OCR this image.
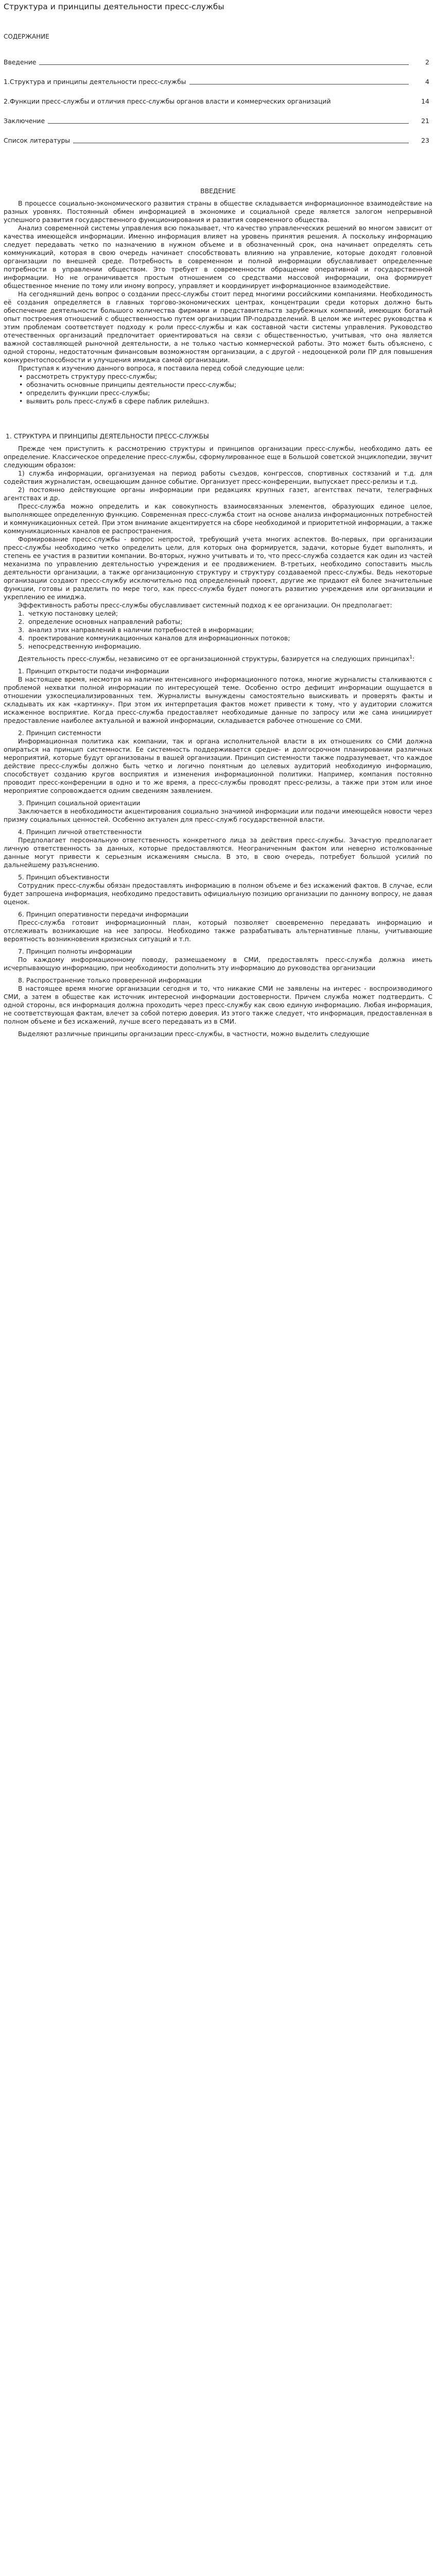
Структура и принципы деятельности пресс-службы
СОДЕРЖАНИЕ
Введение	2
1.Структура и принципы деятельности пресс-службы	4
2.Функции пресс-службы и отличия пресс-службы органов власти и коммерческих организаций	14
Заключение	21
Список литературы	23
ВВЕДЕНИЕ

В процессе социально-экономического развития страны в обществе складывается информационное взаимодействие на разных уровнях. Постоянный обмен информацией в экономике и социальной среде является залогом непрерывной успешного развития государственного функционирования и развития современного общества.

Анализ современной системы управления всю показывает, что качество управленческих решений во многом зависит от качества имеющейся информации. Именно информация влияет на уровень принятия решения. А поскольку информацию следует передавать четко по назначению в нужном объеме и в обозначенный срок, она начинает определять сеть коммуникаций, которая в свою очередь начинает способствовать влиянию на управление, которые доходят головной организации по внешней среде. Потребность в современном и полной информации обуславливает определенные потребности в управлении обществом. Это требует в современности обращение оперативной и государственной информации. Но не ограничивается простым отношением со средствами массовой информации, она формирует общественное мнение по тому или иному вопросу, управляет и координирует информационное взаимодействие.

На сегодняшний день вопрос о создании пресс-службы стоит перед многими российскими компаниями. Необходимость её создания определяется в главных торгово-экономических центрах, концентрации среди которых должно быть обеспечение деятельности большого количества фирмами и представительств зарубежных компаний, имеющих богатый опыт построения отношений с общественностью путем организации ПР-подразделений. В целом же интерес руководства к этим проблемам соответствует подходу к роли пресс-службы и как составной части системы управления. Руководство отечественных организаций предпочитает ориентироваться на связи с общественностью, учитывая, что она является важной составляющей рыночной деятельности, а не только частью коммерческой работы. Это может быть объяснено, с одной стороны, недостаточным финансовым возможностям организации, а с другой - недооценкой роли ПР для повышения конкурентоспособности и улучшения имиджа самой организации.

Приступая к изучению данного вопроса, я поставила перед собой следующие цели:

• рассмотреть структуру пресс-службы;
• обозначить основные принципы деятельности пресс-службы;
• определить функции пресс-службы;
• выявить роль пресс-служб в сфере паблик рилейшнз.
1. СТРУКТУРА И ПРИНЦИПЫ ДЕЯТЕЛЬНОСТИ ПРЕСС-СЛУЖБЫ

Прежде чем приступить к рассмотрению структуры и принципов организации пресс-службы, необходимо дать ее определение. Классическое определение пресс-службы, сформулированное еще в Большой советской энциклопедии, звучит следующим образом:

1) служба информации, организуемая на период работы съездов, конгрессов, спортивных состязаний и т.д. для содействия журналистам, освещающим данное событие. Организует пресс-конференции, выпускает пресс-релизы и т.д.

2) постоянно действующие органы информации при редакциях крупных газет, агентствах печати, телеграфных агентствах и др.

Пресс-служба можно определить и как совокупность взаимосвязанных элементов, образующих единое целое, выполняющее определенную функцию. Современная пресс-служба стоит на основе анализа информационных потребностей и коммуникационных сетей. При этом внимание акцентируется на сборе необходимой и приоритетной информации, а также коммуникационных каналов ее распространения.

Формирование пресс-службы - вопрос непростой, требующий учета многих аспектов. Во-первых, при организации пресс-службы необходимо четко определить цели, для которых она формируется, задачи, которые будет выполнять, и степень ее участия в развитии компании. Во-вторых, нужно учитывать и то, что пресс-служба создается как один из частей механизма по управлению деятельностью учреждения и ее продвижением. В-третьих, необходимо сопоставить мысль деятельности организации, а также организационную структуру и структуру создаваемой пресс-службы. Ведь некоторые организации создают пресс-службу исключительно под определенный проект, другие же придают ей более значительные функции, готовы и разделить по мере того, как пресс-служба будет помогать развитию учреждения или организации и укреплению ее имиджа.

Эффективность работы пресс-службы обуславливает системный подход к ее организации. Он предполагает:

1. четкую постановку целей;
2. определение основных направлений работы;
3. анализ этих направлений в наличии потребностей в информации;
4. проектирование коммуникационных каналов для информационных потоков;
5. непосредственную информацию.

Деятельность пресс-службы, независимо от ее организационной структуры, базируется на следующих принципах$^1$:

1. Принцип открытости подачи информации

В настоящее время, несмотря на наличие интенсивного информационного потока, многие журналисты сталкиваются с проблемой нехватки полной информации по интересующей теме. Особенно остро дефицит информации ощущается в отношении узкоспециализированных тем. Журналисты вынуждены самостоятельно выискивать и проверять факты и складывать их как «картинку». При этом их интерпретация фактов может привести к тому, что у аудитории сложится искаженное восприятие. Когда пресс-служба предоставляет необходимые данные по запросу или же сама инициирует предоставление наиболее актуальной и важной информации, складывается рабочее отношение со СМИ.

2. Принцип системности

Информационная политика как компании, так и органа исполнительной власти в их отношениях со СМИ должна опираться на принцип системности. Ее системность поддерживается средне- и долгосрочном планировании различных мероприятий, которые будут организованы в вашей организации. Принцип системности также подразумевает, что каждое действие пресс-службы должно быть четко и логично понятным до целевых аудиторий необходимую информацию, способствует созданию кругов восприятия и изменения информационной политики. Например, компания постоянно проводит пресс-конференции в одно и то же время, а пресс-службы проводят пресс-релизы, а также при этом или иное мероприятие сопровождается одним сведениям заявлением.

3. Принцип социальной ориентации

Заключается в необходимости акцентирования социально значимой информации или подачи имеющейся новости через призму социальных ценностей. Особенно актуален для пресс-служб государственной власти.

4. Принцип личной ответственности

Предполагает персональную ответственность конкретного лица за действия пресс-службы. Зачастую предполагает личную ответственность за данных, которые предоставляются. Неограниченным фактом или неверно истолкованные данные могут привести к серьезным искажениям смысла. В это, в свою очередь, потребует большой усилий по дальнейшему разъяснению.

5. Принцип объективности

Сотрудник пресс-службы обязан предоставлять информацию в полном объеме и без искажений фактов. В случае, если будет запрошена информация, необходимо предоставить официальную позицию организации по данному вопросу, не давая оценок.

6. Принцип оперативности передачи информации

Пресс-служба готовит информационный план, который позволяет своевременно передавать информацию и отслеживать возникающие на нее запросы. Необходимо также разрабатывать альтернативные планы, учитывающие вероятность возникновения кризисных ситуаций и т.п.

7. Принцип полноты информации

По каждому информационному поводу, размещаемому в СМИ, предоставлять пресс-служба должна иметь исчерпывающую информацию, при необходимости дополнить эту информацию до руководства организации

8. Распространение только проверенной информации

В настоящее время многие организации сегодня и то, что никакие СМИ не заявлены на интерес - воспроизводимого СМИ, а затем в обществе как источник интересной информации достоверности. Причем служба может подтвердить. С одной стороны, вся информация должна проходить через пресс-службу как свою единую информацию. Любая информация, не соответствующая фактам, влечет за собой потерю доверия. Из этого также следует, что информация, предоставленная в полном объеме и без искажений, лучше всего передавать из в СМИ.

Выделяют различные принципы организации пресс-службы, в частности, можно выделить следующие
